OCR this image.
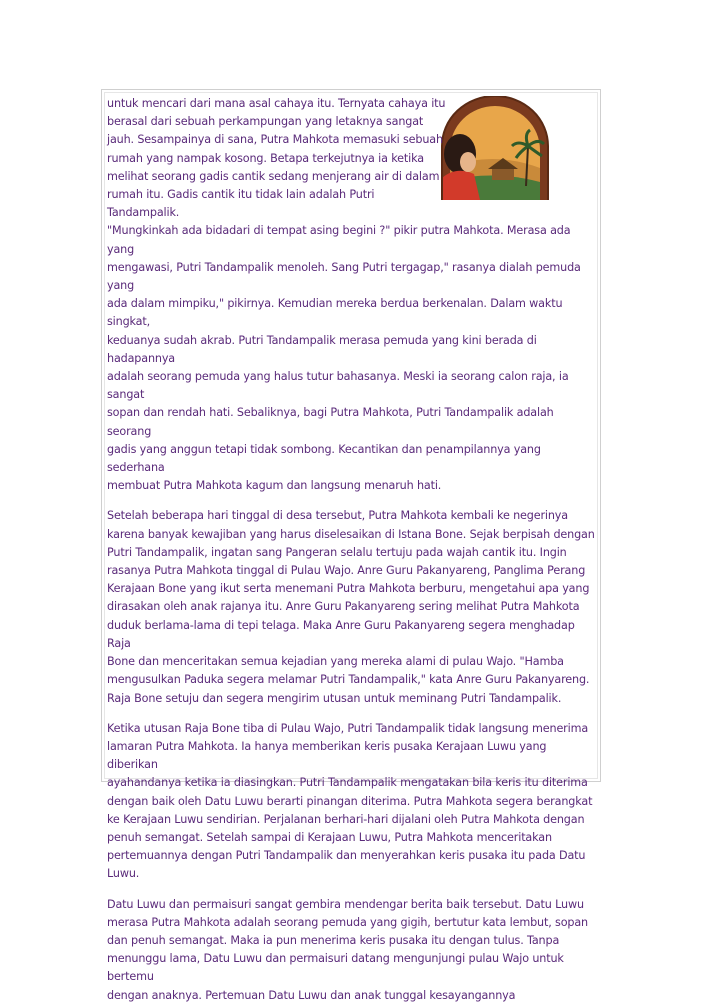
untuk mencari dari mana asal cahaya itu. Ternyata cahaya itu
berasal dari sebuah perkampungan yang letaknya sangat
jauh. Sesampainya di sana, Putra Mahkota memasuki sebuah
rumah yang nampak kosong. Betapa terkejutnya ia ketika
melihat seorang gadis cantik sedang menjerang air di dalam
rumah itu. Gadis cantik itu tidak lain adalah Putri
Tandampalik.
"Mungkinkah ada bidadari di tempat asing begini ?" pikir putra Mahkota. Merasa ada yang
mengawasi, Putri Tandampalik menoleh. Sang Putri tergagap," rasanya dialah pemuda yang
ada dalam mimpiku," pikirnya. Kemudian mereka berdua berkenalan. Dalam waktu singkat,
keduanya sudah akrab. Putri Tandampalik merasa pemuda yang kini berada di hadapannya
adalah seorang pemuda yang halus tutur bahasanya. Meski ia seorang calon raja, ia sangat
sopan dan rendah hati. Sebaliknya, bagi Putra Mahkota, Putri Tandampalik adalah seorang
gadis yang anggun tetapi tidak sombong. Kecantikan dan penampilannya yang sederhana
membuat Putra Mahkota kagum dan langsung menaruh hati.
Setelah beberapa hari tinggal di desa tersebut, Putra Mahkota kembali ke negerinya
karena banyak kewajiban yang harus diselesaikan di Istana Bone. Sejak berpisah dengan
Putri Tandampalik, ingatan sang Pangeran selalu tertuju pada wajah cantik itu. Ingin
rasanya Putra Mahkota tinggal di Pulau Wajo. Anre Guru Pakanyareng, Panglima Perang
Kerajaan Bone yang ikut serta menemani Putra Mahkota berburu, mengetahui apa yang
dirasakan oleh anak rajanya itu. Anre Guru Pakanyareng sering melihat Putra Mahkota
duduk berlama-lama di tepi telaga. Maka Anre Guru Pakanyareng segera menghadap Raja
Bone dan menceritakan semua kejadian yang mereka alami di pulau Wajo. "Hamba
mengusulkan Paduka segera melamar Putri Tandampalik," kata Anre Guru Pakanyareng.
Raja Bone setuju dan segera mengirim utusan untuk meminang Putri Tandampalik.
Ketika utusan Raja Bone tiba di Pulau Wajo, Putri Tandampalik tidak langsung menerima
lamaran Putra Mahkota. Ia hanya memberikan keris pusaka Kerajaan Luwu yang diberikan
ayahandanya ketika ia diasingkan. Putri Tandampalik mengatakan bila keris itu diterima
dengan baik oleh Datu Luwu berarti pinangan diterima. Putra Mahkota segera berangkat
ke Kerajaan Luwu sendirian. Perjalanan berhari-hari dijalani oleh Putra Mahkota dengan
penuh semangat. Setelah sampai di Kerajaan Luwu, Putra Mahkota menceritakan
pertemuannya dengan Putri Tandampalik dan menyerahkan keris pusaka itu pada Datu
Luwu.
Datu Luwu dan permaisuri sangat gembira mendengar berita baik tersebut. Datu Luwu
merasa Putra Mahkota adalah seorang pemuda yang gigih, bertutur kata lembut, sopan
dan penuh semangat. Maka ia pun menerima keris pusaka itu dengan tulus. Tanpa
menunggu lama, Datu Luwu dan permaisuri datang mengunjungi pulau Wajo untuk bertemu
dengan anaknya. Pertemuan Datu Luwu dan anak tunggal kesayangannya
